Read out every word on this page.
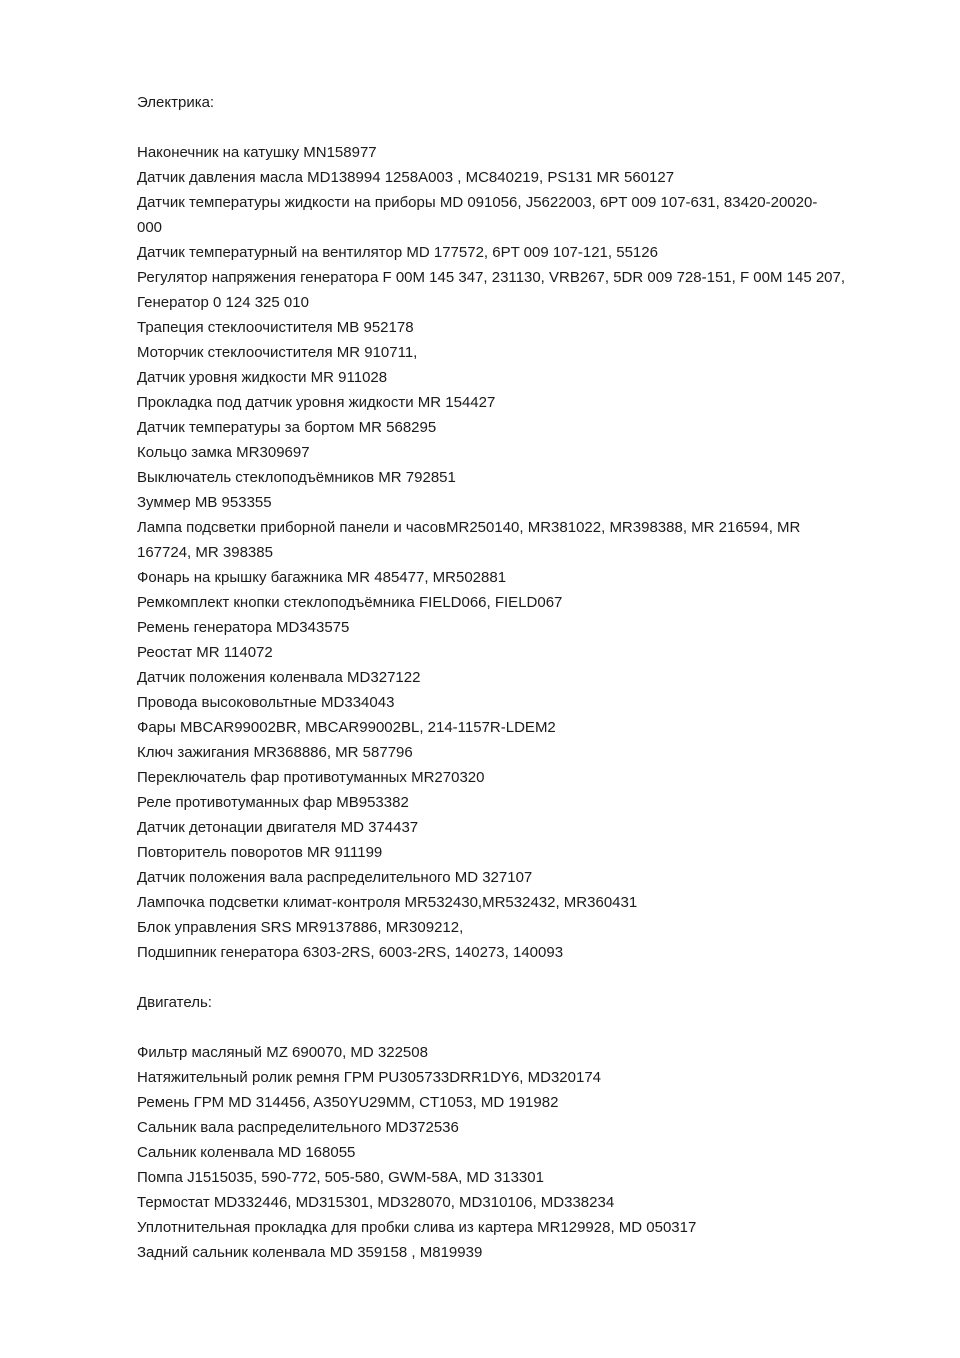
Электрика:
Наконечник на катушку MN158977
Датчик давления масла MD138994 1258A003 , MC840219, PS131 MR 560127
Датчик температуры жидкости на приборы MD 091056, J5622003, 6PT 009 107-631, 83420-20020-
000
Датчик температурный на вентилятор MD 177572, 6PT 009 107-121, 55126
Регулятор напряжения генератора F 00M 145 347, 231130, VRB267, 5DR 009 728-151, F 00M 145 207,
Генератор 0 124 325 010
Трапеция стеклоочистителя MB 952178
Моторчик стеклоочистителя MR 910711,
Датчик уровня жидкости MR 911028
Прокладка под датчик уровня жидкости MR 154427
Датчик температуры за бортом MR 568295
Кольцо замка MR309697
Выключатель стеклоподъёмников MR 792851
Зуммер MB 953355
Лампа подсветки приборной панели и часовMR250140, MR381022, MR398388, MR 216594, MR
167724, MR 398385
Фонарь на крышку багажника MR 485477, MR502881
Ремкомплект кнопки стеклоподъёмника FIELD066, FIELD067
Ремень генератора MD343575
Реостат MR 114072
Датчик положения коленвала MD327122
Провода высоковольтные MD334043
Фары MBCAR99002BR, MBCAR99002BL, 214-1157R-LDEM2
Ключ зажигания MR368886, MR 587796
Переключатель фар противотуманных MR270320
Реле противотуманных фар MB953382
Датчик детонации двигателя MD 374437
Повторитель поворотов MR 911199
Датчик положения вала распределительного MD 327107
Лампочка подсветки климат-контроля MR532430,MR532432, MR360431
Блок управления SRS MR9137886, MR309212,
Подшипник генератора 6303-2RS, 6003-2RS, 140273, 140093
Двигатель:
Фильтр масляный MZ 690070, MD 322508
Натяжительный ролик ремня ГРМ PU305733DRR1DY6, MD320174
Ремень ГРМ MD 314456, A350YU29MM, CT1053, MD 191982
Сальник вала распределительного MD372536
Сальник коленвала MD 168055
Помпа J1515035, 590-772, 505-580, GWM-58A, MD 313301
Термостат MD332446, MD315301, MD328070, MD310106, MD338234
Уплотнительная прокладка для пробки слива из картера MR129928, MD 050317
Задний сальник коленвала MD 359158 , M819939
